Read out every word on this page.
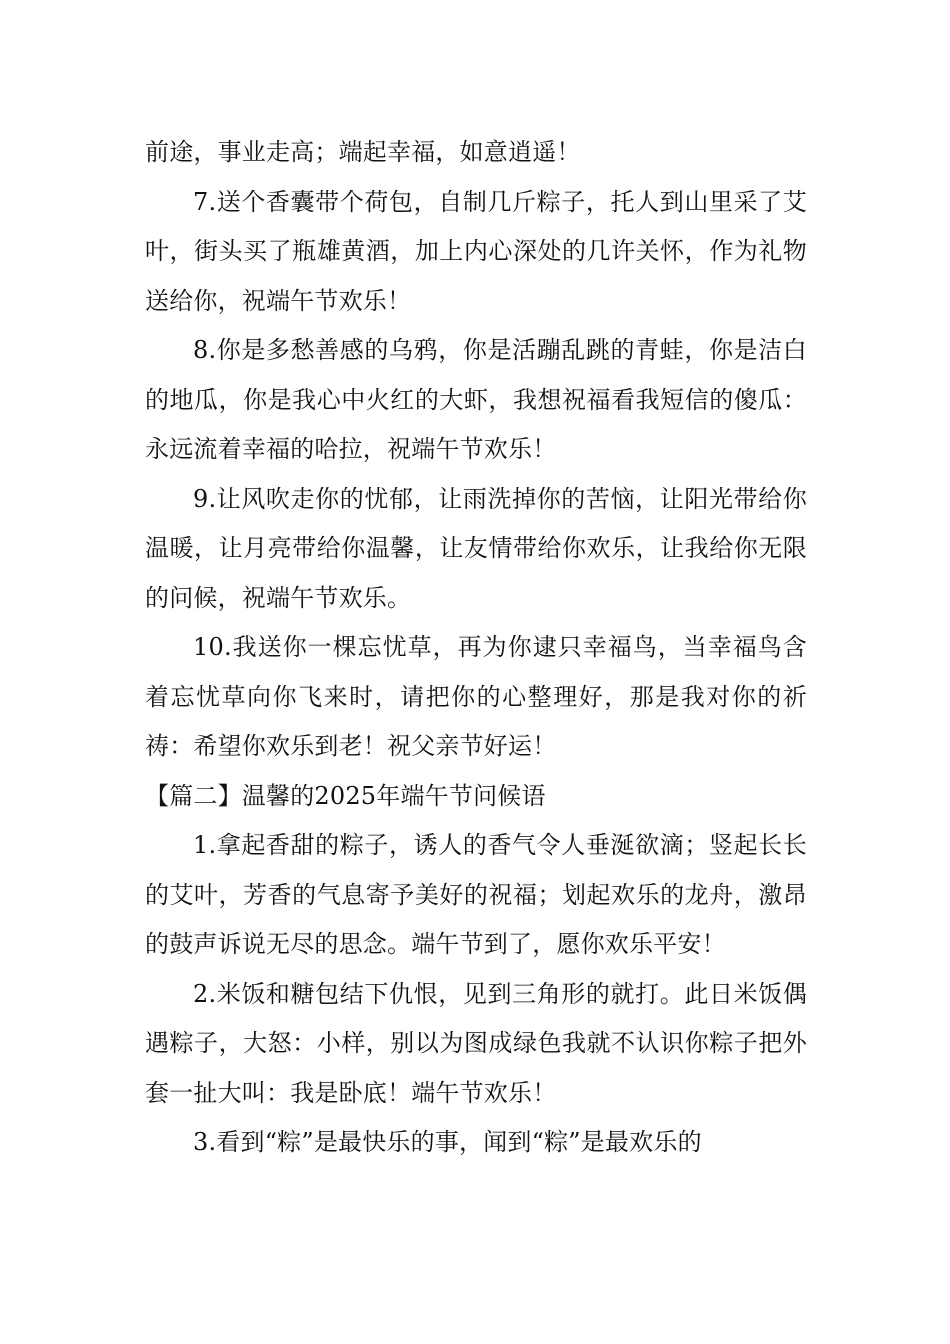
前途，事业走高；端起幸福，如意逍遥！

7.送个香囊带个荷包，自制几斤粽子，托人到山里采了艾叶，街头买了瓶雄黄酒，加上内心深处的几许关怀，作为礼物送给你，祝端午节欢乐！

8.你是多愁善感的乌鸦，你是活蹦乱跳的青蛙，你是洁白的地瓜，你是我心中火红的大虾，我想祝福看我短信的傻瓜：永远流着幸福的哈拉，祝端午节欢乐！

9.让风吹走你的忧郁，让雨洗掉你的苦恼，让阳光带给你温暖，让月亮带给你温馨，让友情带给你欢乐，让我给你无限的问候，祝端午节欢乐。

10.我送你一棵忘忧草，再为你逮只幸福鸟，当幸福鸟含着忘忧草向你飞来时，请把你的心整理好，那是我对你的祈祷：希望你欢乐到老！祝父亲节好运！

【篇二】温馨的2025年端午节问候语

1.拿起香甜的粽子，诱人的香气令人垂涎欲滴；竖起长长的艾叶，芳香的气息寄予美好的祝福；划起欢乐的龙舟，激昂的鼓声诉说无尽的思念。端午节到了，愿你欢乐平安！

2.米饭和糖包结下仇恨，见到三角形的就打。此日米饭偶遇粽子，大怒：小样，别以为图成绿色我就不认识你粽子把外套一扯大叫：我是卧底！端午节欢乐！

3.看到“粽”是最快乐的事，闻到“粽”是最欢乐的
